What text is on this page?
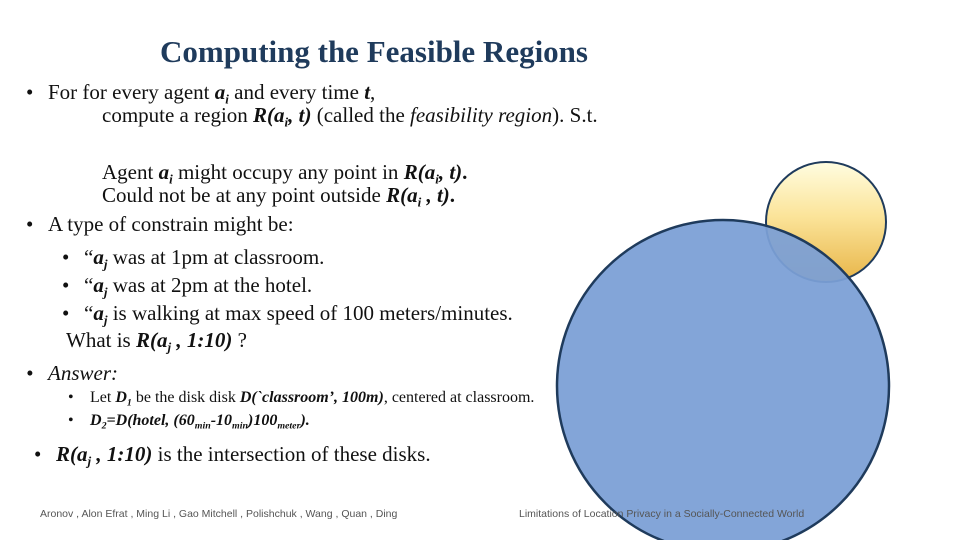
Computing the Feasible Regions
• For for every agent $a_i$ and every time t,
compute a region $R(a_i$, t) (called the feasibility region). S.t.
Agent $a_i$ might occupy any point in $R(a_i$, t).
Could not be at any point outside $R(a_i$ , t).
• A type of constrain might be:
• “$a_j$ was at 1pm at classroom.
• “$a_j$ was at 2pm at the hotel.
• “$a_j$ is walking at max speed of 100 meters/minutes.
What is $R(a_j$ , 1:10) ?
• Answer:
• Let $D_1$ be the disk disk D(`classroom’, 100m), centered at classroom.
• $D_2=D(hotel$, $(60_{min}-10_{min})100_{meter}$).
• $R(a_j$ , 1:10) is the intersection of these disks.
Aronov , Alon Efrat , Ming Li , Gao Mitchell , Polishchuk , Wang , Quan , Ding	Limitations of Location Privacy in a Socially-Connected World
